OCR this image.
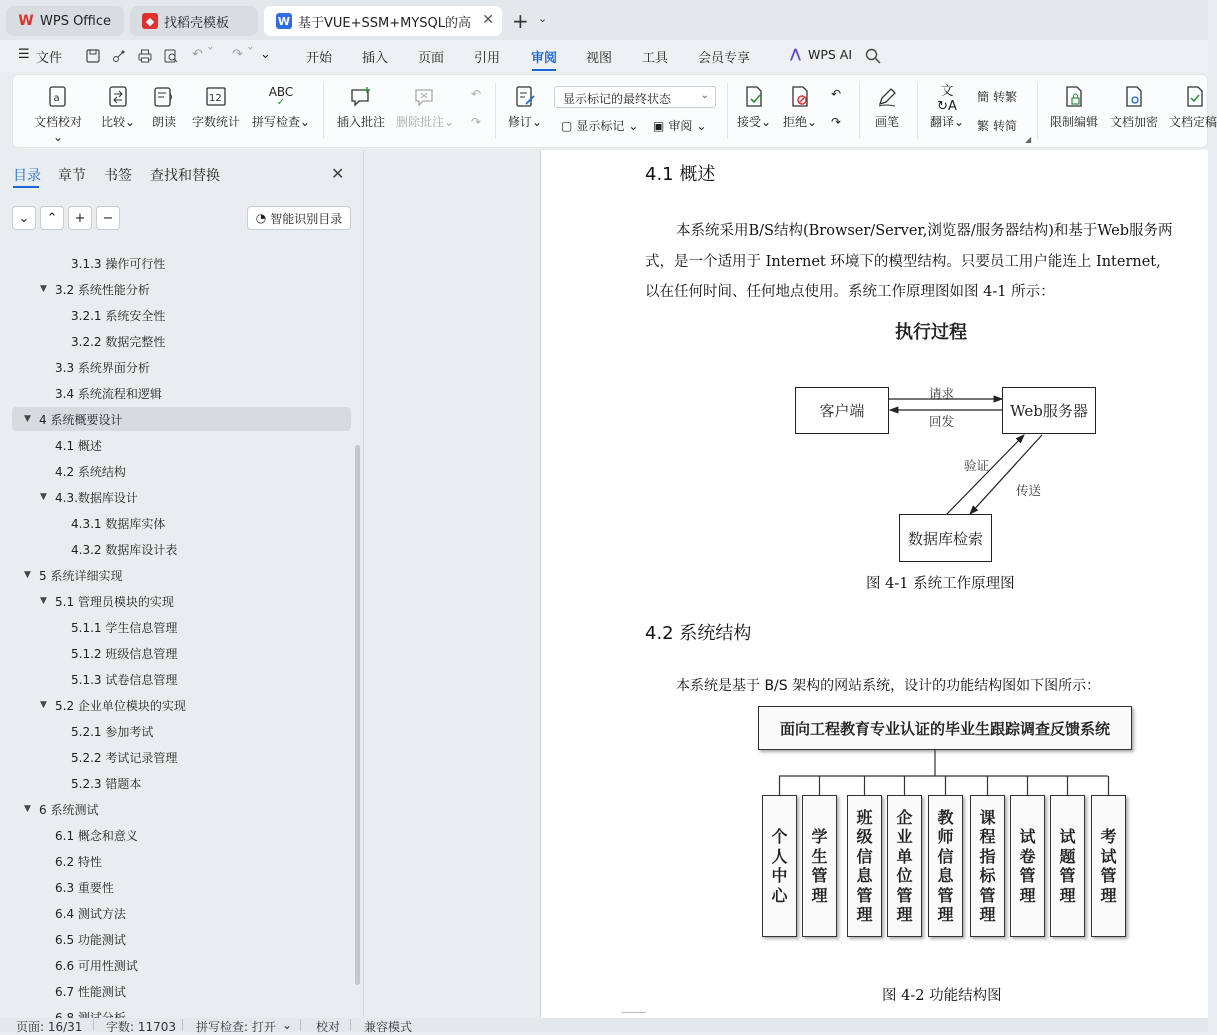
W WPS Office	◆ 找稻壳模板	W 基于VUE+SSM+MYSQL的高 ✕ + ⌄
☰ 文件	↶ ˇ ↷ ˇ ⌄	开始 插入 页面 引用 审阅 视图 工具 会员专享	⋀ WPS AI
a
文档校对⌄
比较⌄ 朗读
12
字数统计
ABC
✓
拼写检查⌄ 插入批注 删除批注⌄
↶
↷	修订⌄
显示标记的最终状态	⌄
▢ 显示标记 ⌄ ▣ 审阅 ⌄	接受⌄ 拒绝⌄
↶
↷	画笔
文↻A
翻译⌄
簡 转繁
繁 转简
◢
限制编辑 文档加密 文档定稿
目录 章节 书签 查找和替换	✕
⌄ ⌃ + −	◔ 智能识别目录
3.1.3 操作可行性
▼ 3.2 系统性能分析
3.2.1 系统安全性
3.2.2 数据完整性
3.3 系统界面分析
3.4 系统流程和逻辑
▼ 4 系统概要设计
4.1 概述
4.2 系统结构
▼ 4.3.数据库设计
4.3.1 数据库实体
4.3.2 数据库设计表
▼ 5 系统详细实现
▼ 5.1 管理员模块的实现
5.1.1 学生信息管理
5.1.2 班级信息管理
5.1.3 试卷信息管理
▼ 5.2 企业单位模块的实现
5.2.1 参加考试
5.2.2 考试记录管理
5.2.3 错题本
▼ 6 系统测试
6.1 概念和意义
6.2 特性
6.3 重要性
6.4 测试方法
6.5 功能测试
6.6 可用性测试
6.7 性能测试
4.1 概述
本系统采用B/S结构(Browser/Server,浏览器/服务器结构)和基于Web服务两
式，是一个适用于 Internet 环境下的模型结构。只要员工用户能连上 Internet,
以在任何时间、任何地点使用。系统工作原理图如图 4-1 所示：
执行过程
客户端	Web服务器
数据库检索
请求
回发
验证
传送
图 4-1 系统工作原理图
4.2 系统结构
本系统是基于 B/S 架构的网站系统，设计的功能结构图如下图所示：
面向工程教育专业认证的毕业生跟踪调查反馈系统
个
人
中
心
学
生
管
理
班
级
信
息
管
理
企
业
单
位
管
理
教
师
信
息
管
理
课
程
指
标
管
理
试
卷
管
理
试
题
管
理
考
试
管
理
图 4-2 功能结构图
页面: 16/31 字数: 11703 拼写检查: 打开 ⌄ 校对 兼容模式
